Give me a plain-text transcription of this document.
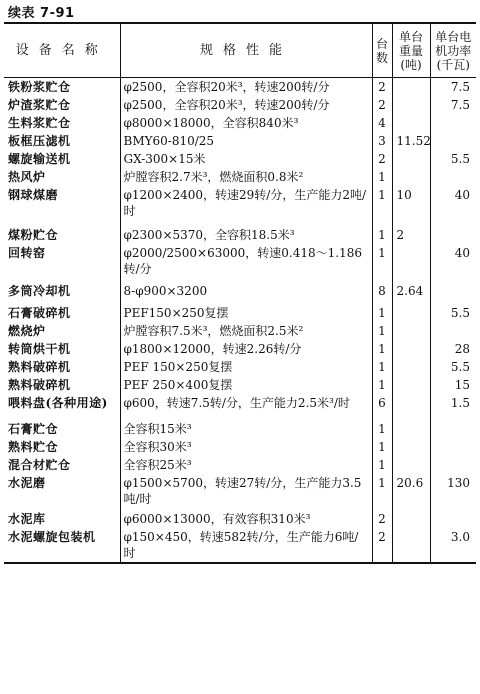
续表 7-91
设备名称	规格性能	台数	单台重量(吨)	单台电机功率(千瓦)
铁粉浆贮仓	φ2500，全容积20米³，转速200转/分	2		7.5
炉渣浆贮仓	φ2500，全容积20米³，转速200转/分	2		7.5
生料浆贮仓	φ8000×18000，全容积840米³	4		
板框压滤机	BMY60-810/25	3	11.52	
螺旋输送机	GX-300×15米	2		5.5
热风炉	炉膛容积2.7米³，燃烧面积0.8米²	1		
钢球煤磨	φ1200×2400，转速29转/分，生产能力2吨/时	1	10	40
煤粉贮仓	φ2300×5370，全容积18.5米³	1	2	
回转窑	φ2000/2500×63000，转速0.418～1.186转/分	1		40
多筒冷却机	8-φ900×3200	8	2.64	
石膏破碎机	PEF150×250复摆	1		5.5
燃烧炉	炉膛容积7.5米³，燃烧面积2.5米²	1		
转筒烘干机	φ1800×12000，转速2.26转/分	1		28
熟料破碎机	PEF 150×250复摆	1		5.5
熟料破碎机	PEF 250×400复摆	1		15
喂料盘(各种用途)	φ600，转速7.5转/分，生产能力2.5米³/时	6		1.5
石膏贮仓	全容积15米³	1		
熟料贮仓	全容积30米³	1		
混合材贮仓	全容积25米³	1		
水泥磨	φ1500×5700，转速27转/分，生产能力3.5吨/时	1	20.6	130
水泥库	φ6000×13000，有效容积310米³	2		
水泥螺旋包装机	φ150×450，转速582转/分，生产能力6吨/时	2		3.0
